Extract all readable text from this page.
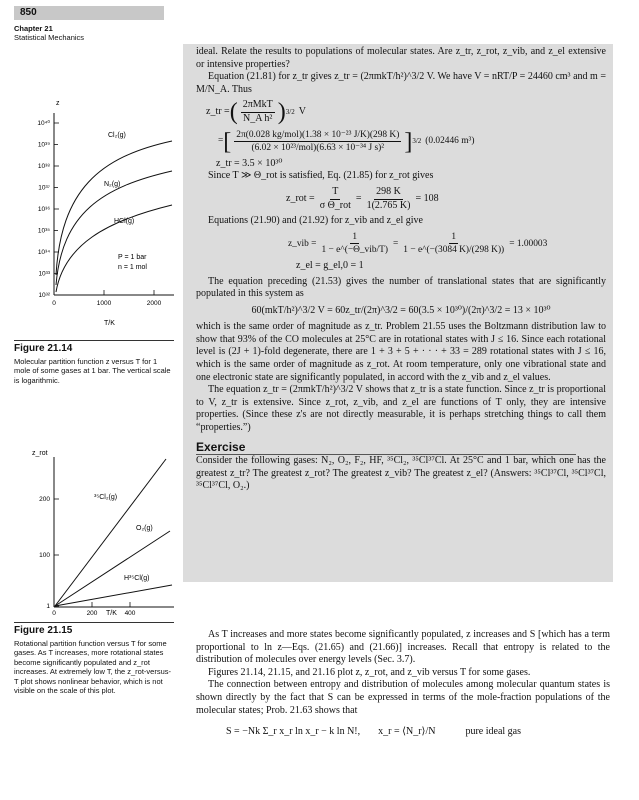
850
Chapter 21
Statistical Mechanics
z
10⁴⁰
10³⁸
10³⁶
10³⁴
10³²
10³⁹
10³⁷
10³⁵
10³³
0	1000	2000
Cl₂(g)
N₂(g)
HCl(g)
P = 1 bar
n = 1 mol
T/K
Figure 21.14
Molecular partition function z versus T for 1 mole of some gases at 1 bar. The vertical scale is logarithmic.
z_rot
200
100
1
0	200	400
³⁵Cl₂(g)
O₂(g)
H³⁵Cl(g)
T/K
Figure 21.15
Rotational partition function versus T for some gases. As T increases, more rotational states become significantly populated and z_rot increases. At extremely low T, the z_rot-versus-T plot shows nonlinear behavior, which is not visible on the scale of this plot.

ideal. Relate the results to populations of molecular states. Are z_tr, z_rot, z_vib, and z_el extensive or intensive properties?

Equation (21.81) for z_tr gives z_tr = (2πmkT/h²)^3/2 V. We have V = nRT/P = 24460 cm³ and m = M/N_A. Thus

z_tr = ( $\frac{\text{2πMkT}}{\text{N\_A h²}}$ ) 3/2 V
= [ $\frac{\text{2π(0.028 kg/mol)(1.38 × 10⁻²³ J/K)(298 K)}}{\text{(6.02 × 10²³/mol)(6.63 × 10⁻³⁴ J s)²}}$ ] 3/2 (0.02446 m³)

z_tr = 3.5 × 10³⁰

Since T ≫ Θ_rot is satisfied, Eq. (21.85) for z_rot gives

z_rot = $\frac{T}{\text{σ Θ\_rot}} = \frac{298 K}{1(2.765 K)} = 108$

Equations (21.90) and (21.92) for z_vib and z_el give

z_vib = $\frac{1}{\text{1 − e\textasciicircum{}(−Θ\_vib/T)}} = \frac{1}{1 - e\^{}(-(3084 K)/(298 K))} = 1.00003$

z_el = g_el,0 = 1

The equation preceding (21.53) gives the number of translational states that are significantly populated in this system as

60(mkT/h²)^3/2 V = 60z_tr/(2π)^3/2 = 60(3.5 × 10³⁰)/(2π)^3/2 = 13 × 10³⁰

which is the same order of magnitude as z_tr. Problem 21.55 uses the Boltzmann distribution law to show that 93% of the CO molecules at 25°C are in rotational states with J ≤ 16. Since each rotational level is (2J + 1)-fold degenerate, there are 1 + 3 + 5 + · · · + 33 = 289 rotational states with J ≤ 16, which is the same order of magnitude as z_rot. At room temperature, only one vibrational state and one electronic state are significantly populated, in accord with the z_vib and z_el values.

The equation z_tr = (2πmkT/h²)^3/2 V shows that z_tr is a state function. Since z_tr is proportional to V, z_tr is extensive. Since z_rot, z_vib, and z_el are functions of T only, they are intensive properties. (Since these z's are not directly measurable, it is perhaps stretching things to call them “properties.”)

Exercise

Consider the following gases: N₂, O₂, F₂, HF, ³⁵Cl₂, ³⁵Cl³⁷Cl. At 25°C and 1 bar, which one has the greatest z_tr? The greatest z_rot? The greatest z_vib? The greatest z_el? (Answers: ³⁵Cl³⁷Cl, ³⁵Cl³⁷Cl, ³⁵Cl³⁷Cl, O₂.)

As T increases and more states become significantly populated, z increases and S [which has a term proportional to ln z—Eqs. (21.65) and (21.66)] increases. Recall that entropy is related to the distribution of molecules over energy levels (Sec. 3.7).

Figures 21.14, 21.15, and 21.16 plot z, z_rot, and z_vib versus T for some gases.

The connection between entropy and distribution of molecules among molecular quantum states is shown directly by the fact that S can be expressed in terms of the mole-fraction populations of the molecular states; Prob. 21.63 shows that

S = −Nk Σ_r x_r ln x_r − k ln N!, x_r = ⟨N_r⟩/N	pure ideal gas
